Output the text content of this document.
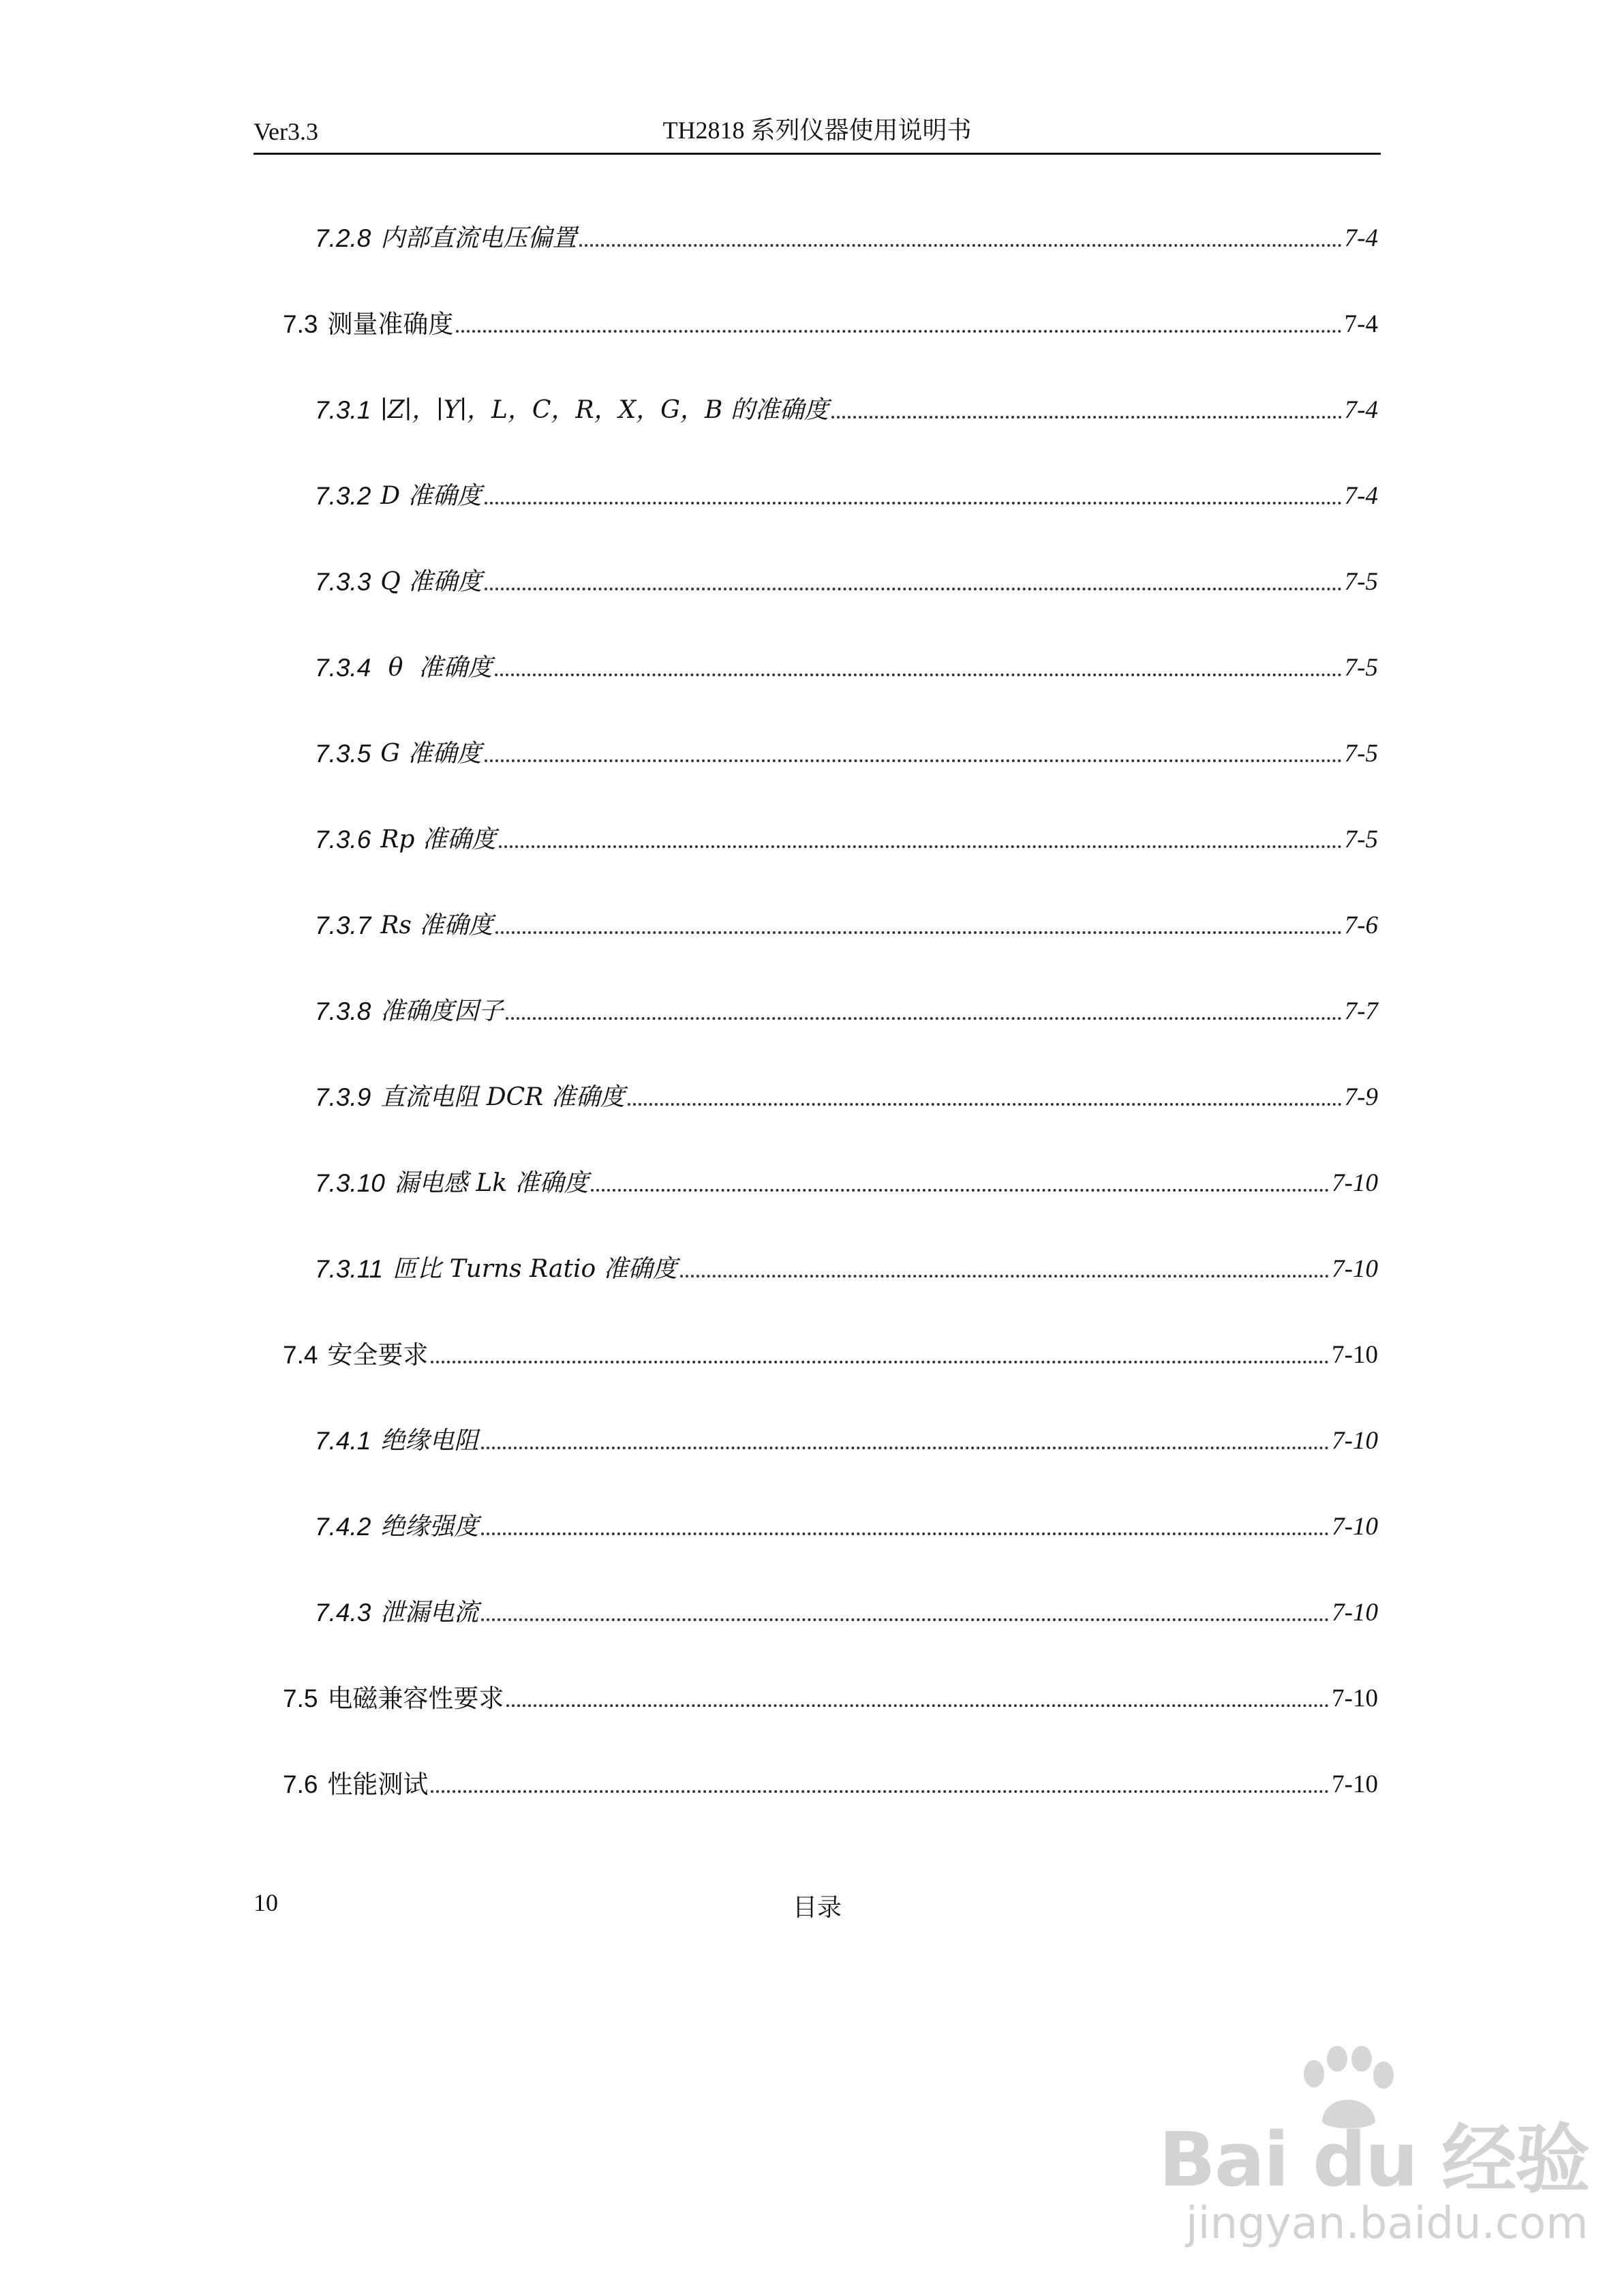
Ver3.3	TH2818 系列仪器使用说明书
7.2.8 内部直流电压偏置	7-4
7.3 测量准确度	7-4
7.3.1 ∣Z∣，∣Y∣，L，C，R，X，G，B 的准确度	7-4
7.3.2 D 准确度	7-4
7.3.3 Q 准确度	7-5
7.3.4 θ  准确度	7-5
7.3.5 G 准确度	7-5
7.3.6 Rp 准确度	7-5
7.3.7 Rs 准确度	7-6
7.3.8 准确度因子	7-7
7.3.9 直流电阻 DCR 准确度	7-9
7.3.10 漏电感 Lk 准确度	7-10
7.3.11 匝比 Turns Ratio 准确度	7-10
7.4 安全要求	7-10
7.4.1 绝缘电阻	7-10
7.4.2 绝缘强度	7-10
7.4.3 泄漏电流	7-10
7.5 电磁兼容性要求	7-10
7.6 性能测试	7-10
10	目录
Bai du 经验
jingyan.baidu.com
